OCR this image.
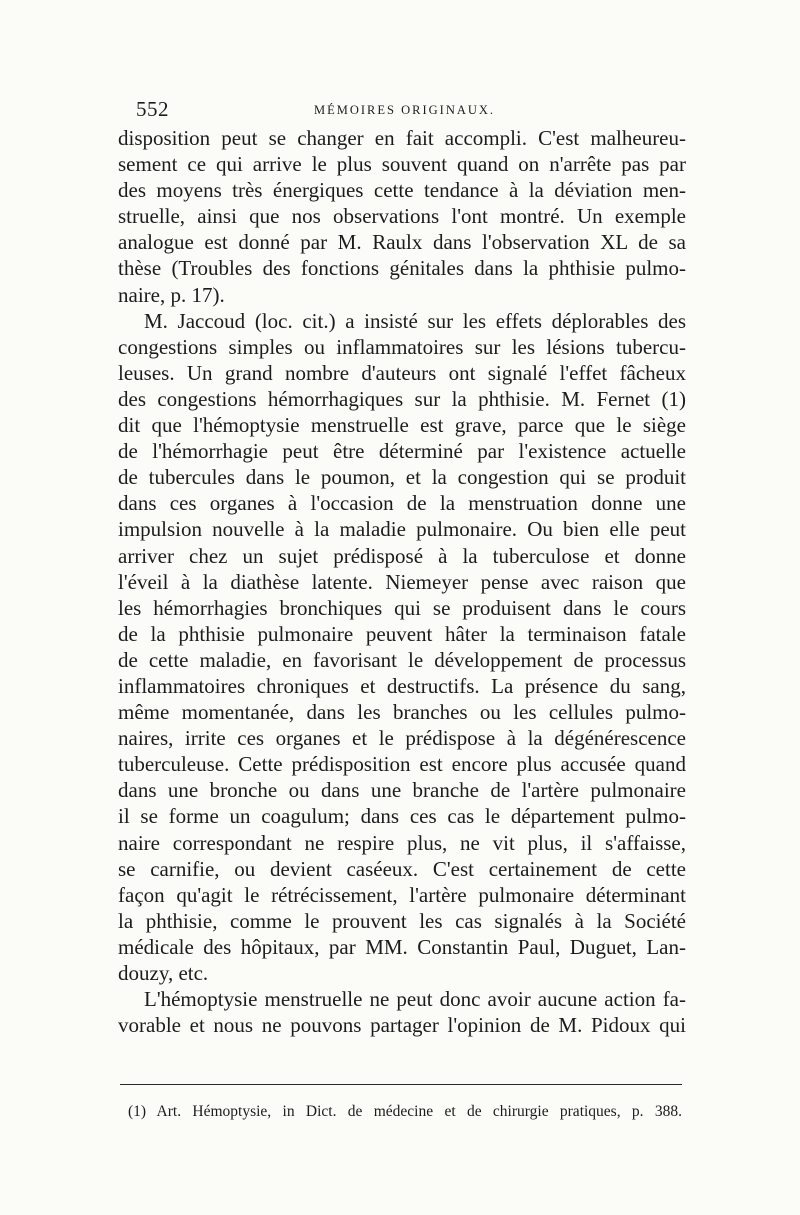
552	MÉMOIRES ORIGINAUX.
disposition peut se changer en fait accompli. C'est malheureu-
sement ce qui arrive le plus souvent quand on n'arrête pas par
des moyens très énergiques cette tendance à la déviation men-
struelle, ainsi que nos observations l'ont montré. Un exemple
analogue est donné par M. Raulx dans l'observation XL de sa
thèse (Troubles des fonctions génitales dans la phthisie pulmo-
naire, p. 17).
M. Jaccoud (loc. cit.) a insisté sur les effets déplorables des
congestions simples ou inflammatoires sur les lésions tubercu-
leuses. Un grand nombre d'auteurs ont signalé l'effet fâcheux
des congestions hémorrhagiques sur la phthisie. M. Fernet (1)
dit que l'hémoptysie menstruelle est grave, parce que le siège
de l'hémorrhagie peut être déterminé par l'existence actuelle
de tubercules dans le poumon, et la congestion qui se produit
dans ces organes à l'occasion de la menstruation donne une
impulsion nouvelle à la maladie pulmonaire. Ou bien elle peut
arriver chez un sujet prédisposé à la tuberculose et donne
l'éveil à la diathèse latente. Niemeyer pense avec raison que
les hémorrhagies bronchiques qui se produisent dans le cours
de la phthisie pulmonaire peuvent hâter la terminaison fatale
de cette maladie, en favorisant le développement de processus
inflammatoires chroniques et destructifs. La présence du sang,
même momentanée, dans les branches ou les cellules pulmo-
naires, irrite ces organes et le prédispose à la dégénérescence
tuberculeuse. Cette prédisposition est encore plus accusée quand
dans une bronche ou dans une branche de l'artère pulmonaire
il se forme un coagulum; dans ces cas le département pulmo-
naire correspondant ne respire plus, ne vit plus, il s'affaisse,
se carnifie, ou devient caséeux. C'est certainement de cette
façon qu'agit le rétrécissement, l'artère pulmonaire déterminant
la phthisie, comme le prouvent les cas signalés à la Société
médicale des hôpitaux, par MM. Constantin Paul, Duguet, Lan-
douzy, etc.
L'hémoptysie menstruelle ne peut donc avoir aucune action fa-
vorable et nous ne pouvons partager l'opinion de M. Pidoux qui
(1) Art. Hémoptysie, in Dict. de médecine et de chirurgie pratiques, p. 388.
